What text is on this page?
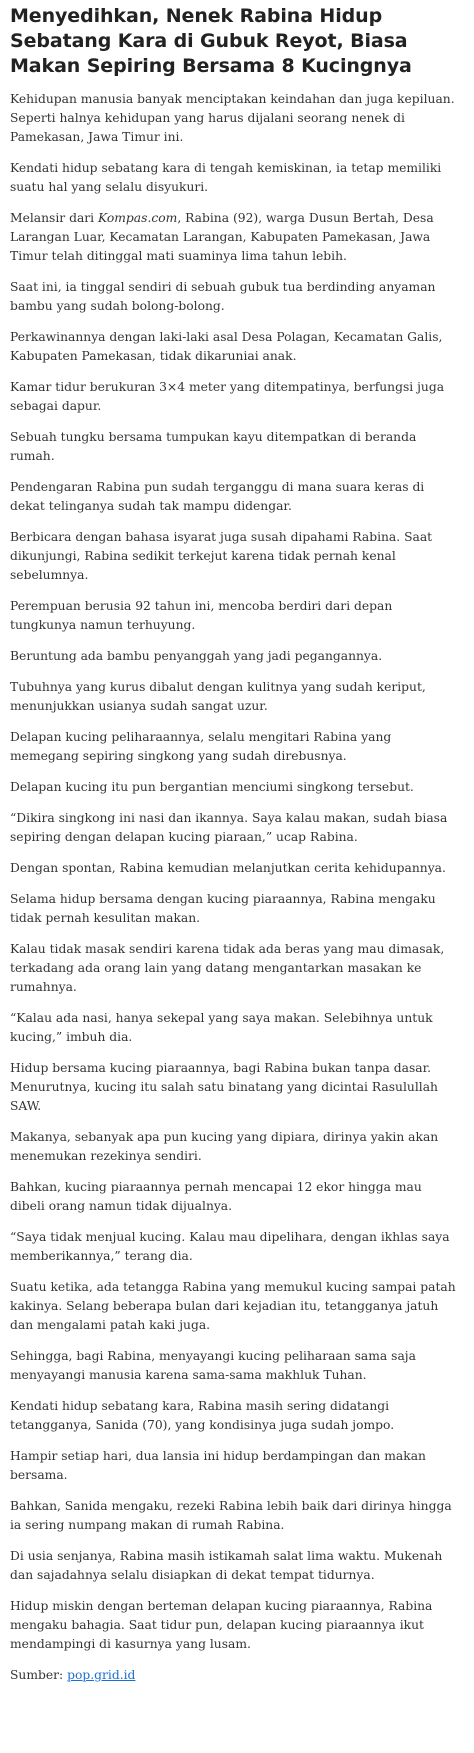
Menyedihkan, Nenek Rabina Hidup Sebatang Kara di Gubuk Reyot, Biasa Makan Sepiring Bersama 8 Kucingnya

Kehidupan manusia banyak menciptakan keindahan dan juga kepiluan. Seperti halnya kehidupan yang harus dijalani seorang nenek di Pamekasan, Jawa Timur ini.

Kendati hidup sebatang kara di tengah kemiskinan, ia tetap memiliki suatu hal yang selalu disyukuri.

Melansir dari Kompas.com, Rabina (92), warga Dusun Bertah, Desa Larangan Luar, Kecamatan Larangan, Kabupaten Pamekasan, Jawa Timur telah ditinggal mati suaminya lima tahun lebih.

Saat ini, ia tinggal sendiri di sebuah gubuk tua berdinding anyaman bambu yang sudah bolong-bolong.

Perkawinannya dengan laki-laki asal Desa Polagan, Kecamatan Galis, Kabupaten Pamekasan, tidak dikaruniai anak.

Kamar tidur berukuran 3×4 meter yang ditempatinya, berfungsi juga sebagai dapur.

Sebuah tungku bersama tumpukan kayu ditempatkan di beranda rumah.

Pendengaran Rabina pun sudah terganggu di mana suara keras di dekat telinganya sudah tak mampu didengar.

Berbicara dengan bahasa isyarat juga susah dipahami Rabina. Saat dikunjungi, Rabina sedikit terkejut karena tidak pernah kenal sebelumnya.

Perempuan berusia 92 tahun ini, mencoba berdiri dari depan tungkunya namun terhuyung.

Beruntung ada bambu penyanggah yang jadi pegangannya.

Tubuhnya yang kurus dibalut dengan kulitnya yang sudah keriput, menunjukkan usianya sudah sangat uzur.

Delapan kucing peliharaannya, selalu mengitari Rabina yang memegang sepiring singkong yang sudah direbusnya.

Delapan kucing itu pun bergantian menciumi singkong tersebut.

“Dikira singkong ini nasi dan ikannya. Saya kalau makan, sudah biasa sepiring dengan delapan kucing piaraan,” ucap Rabina.

Dengan spontan, Rabina kemudian melanjutkan cerita kehidupannya.

Selama hidup bersama dengan kucing piaraannya, Rabina mengaku tidak pernah kesulitan makan.

Kalau tidak masak sendiri karena tidak ada beras yang mau dimasak, terkadang ada orang lain yang datang mengantarkan masakan ke rumahnya.

“Kalau ada nasi, hanya sekepal yang saya makan. Selebihnya untuk kucing,” imbuh dia.

Hidup bersama kucing piaraannya, bagi Rabina bukan tanpa dasar. Menurutnya, kucing itu salah satu binatang yang dicintai Rasulullah SAW.

Makanya, sebanyak apa pun kucing yang dipiara, dirinya yakin akan menemukan rezekinya sendiri.

Bahkan, kucing piaraannya pernah mencapai 12 ekor hingga mau dibeli orang namun tidak dijualnya.

“Saya tidak menjual kucing. Kalau mau dipelihara, dengan ikhlas saya memberikannya,” terang dia.

Suatu ketika, ada tetangga Rabina yang memukul kucing sampai patah kakinya. Selang beberapa bulan dari kejadian itu, tetangganya jatuh dan mengalami patah kaki juga.

Sehingga, bagi Rabina, menyayangi kucing peliharaan sama saja menyayangi manusia karena sama-sama makhluk Tuhan.

Kendati hidup sebatang kara, Rabina masih sering didatangi tetangganya, Sanida (70), yang kondisinya juga sudah jompo.

Hampir setiap hari, dua lansia ini hidup berdampingan dan makan bersama.

Bahkan, Sanida mengaku, rezeki Rabina lebih baik dari dirinya hingga ia sering numpang makan di rumah Rabina.

Di usia senjanya, Rabina masih istikamah salat lima waktu. Mukenah dan sajadahnya selalu disiapkan di dekat tempat tidurnya.

Hidup miskin dengan berteman delapan kucing piaraannya, Rabina mengaku bahagia. Saat tidur pun, delapan kucing piaraannya ikut mendampingi di kasurnya yang lusam.

Sumber: pop.grid.id
